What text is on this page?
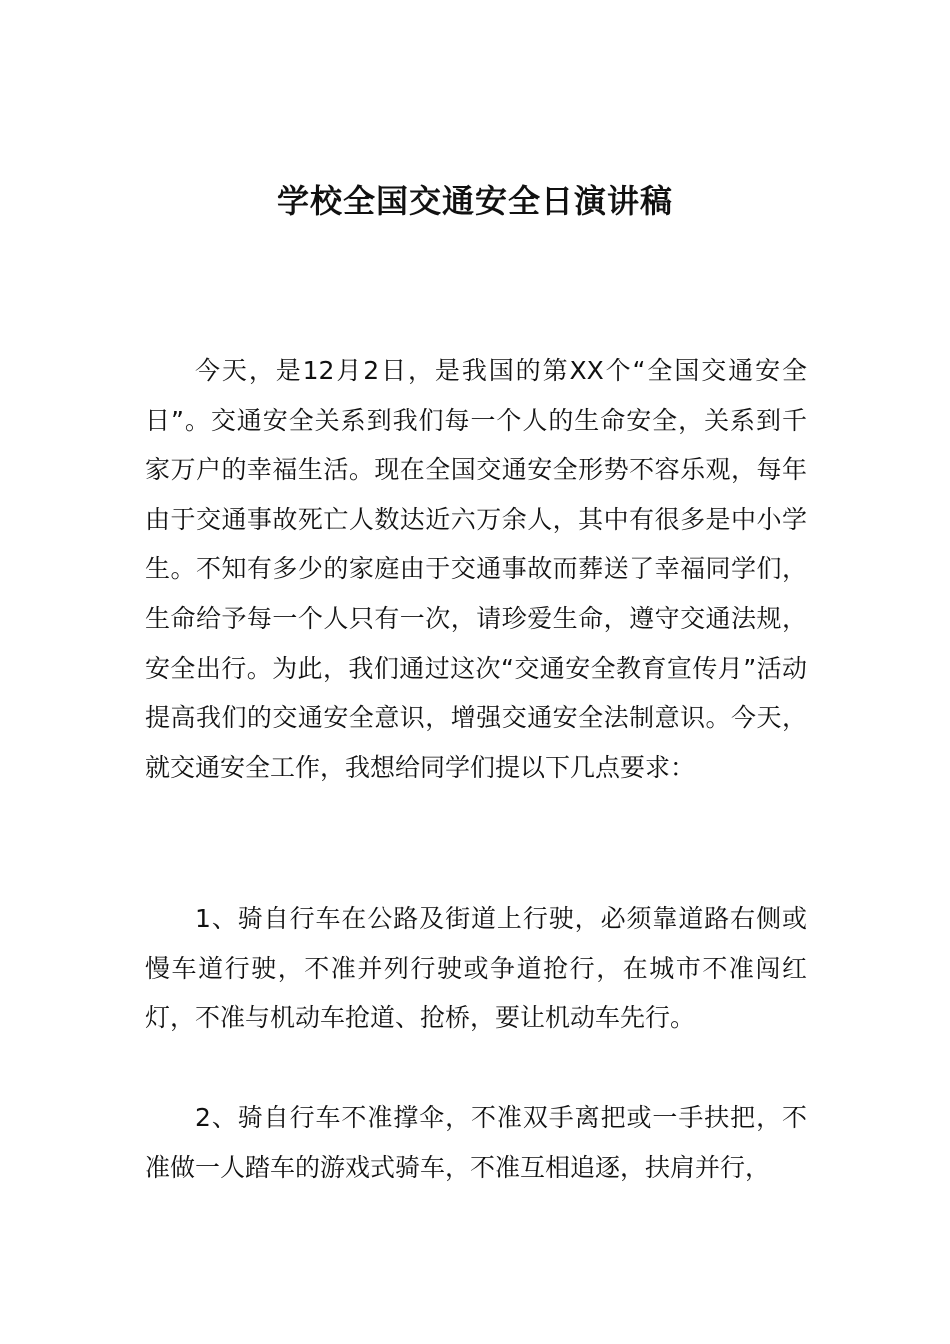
学校全国交通安全日演讲稿

今天，是12月2日，是我国的第XX个“全国交通安全日”。交通安全关系到我们每一个人的生命安全，关系到千家万户的幸福生活。现在全国交通安全形势不容乐观，每年由于交通事故死亡人数达近六万余人，其中有很多是中小学生。不知有多少的家庭由于交通事故而葬送了幸福同学们，生命给予每一个人只有一次，请珍爱生命，遵守交通法规，安全出行。为此，我们通过这次“交通安全教育宣传月”活动提高我们的交通安全意识，增强交通安全法制意识。今天，就交通安全工作，我想给同学们提以下几点要求：

1、骑自行车在公路及街道上行驶，必须靠道路右侧或慢车道行驶，不准并列行驶或争道抢行，在城市不准闯红灯，不准与机动车抢道、抢桥，要让机动车先行。

2、骑自行车不准撑伞，不准双手离把或一手扶把，不准做一人踏车的游戏式骑车，不准互相追逐，扶肩并行，
